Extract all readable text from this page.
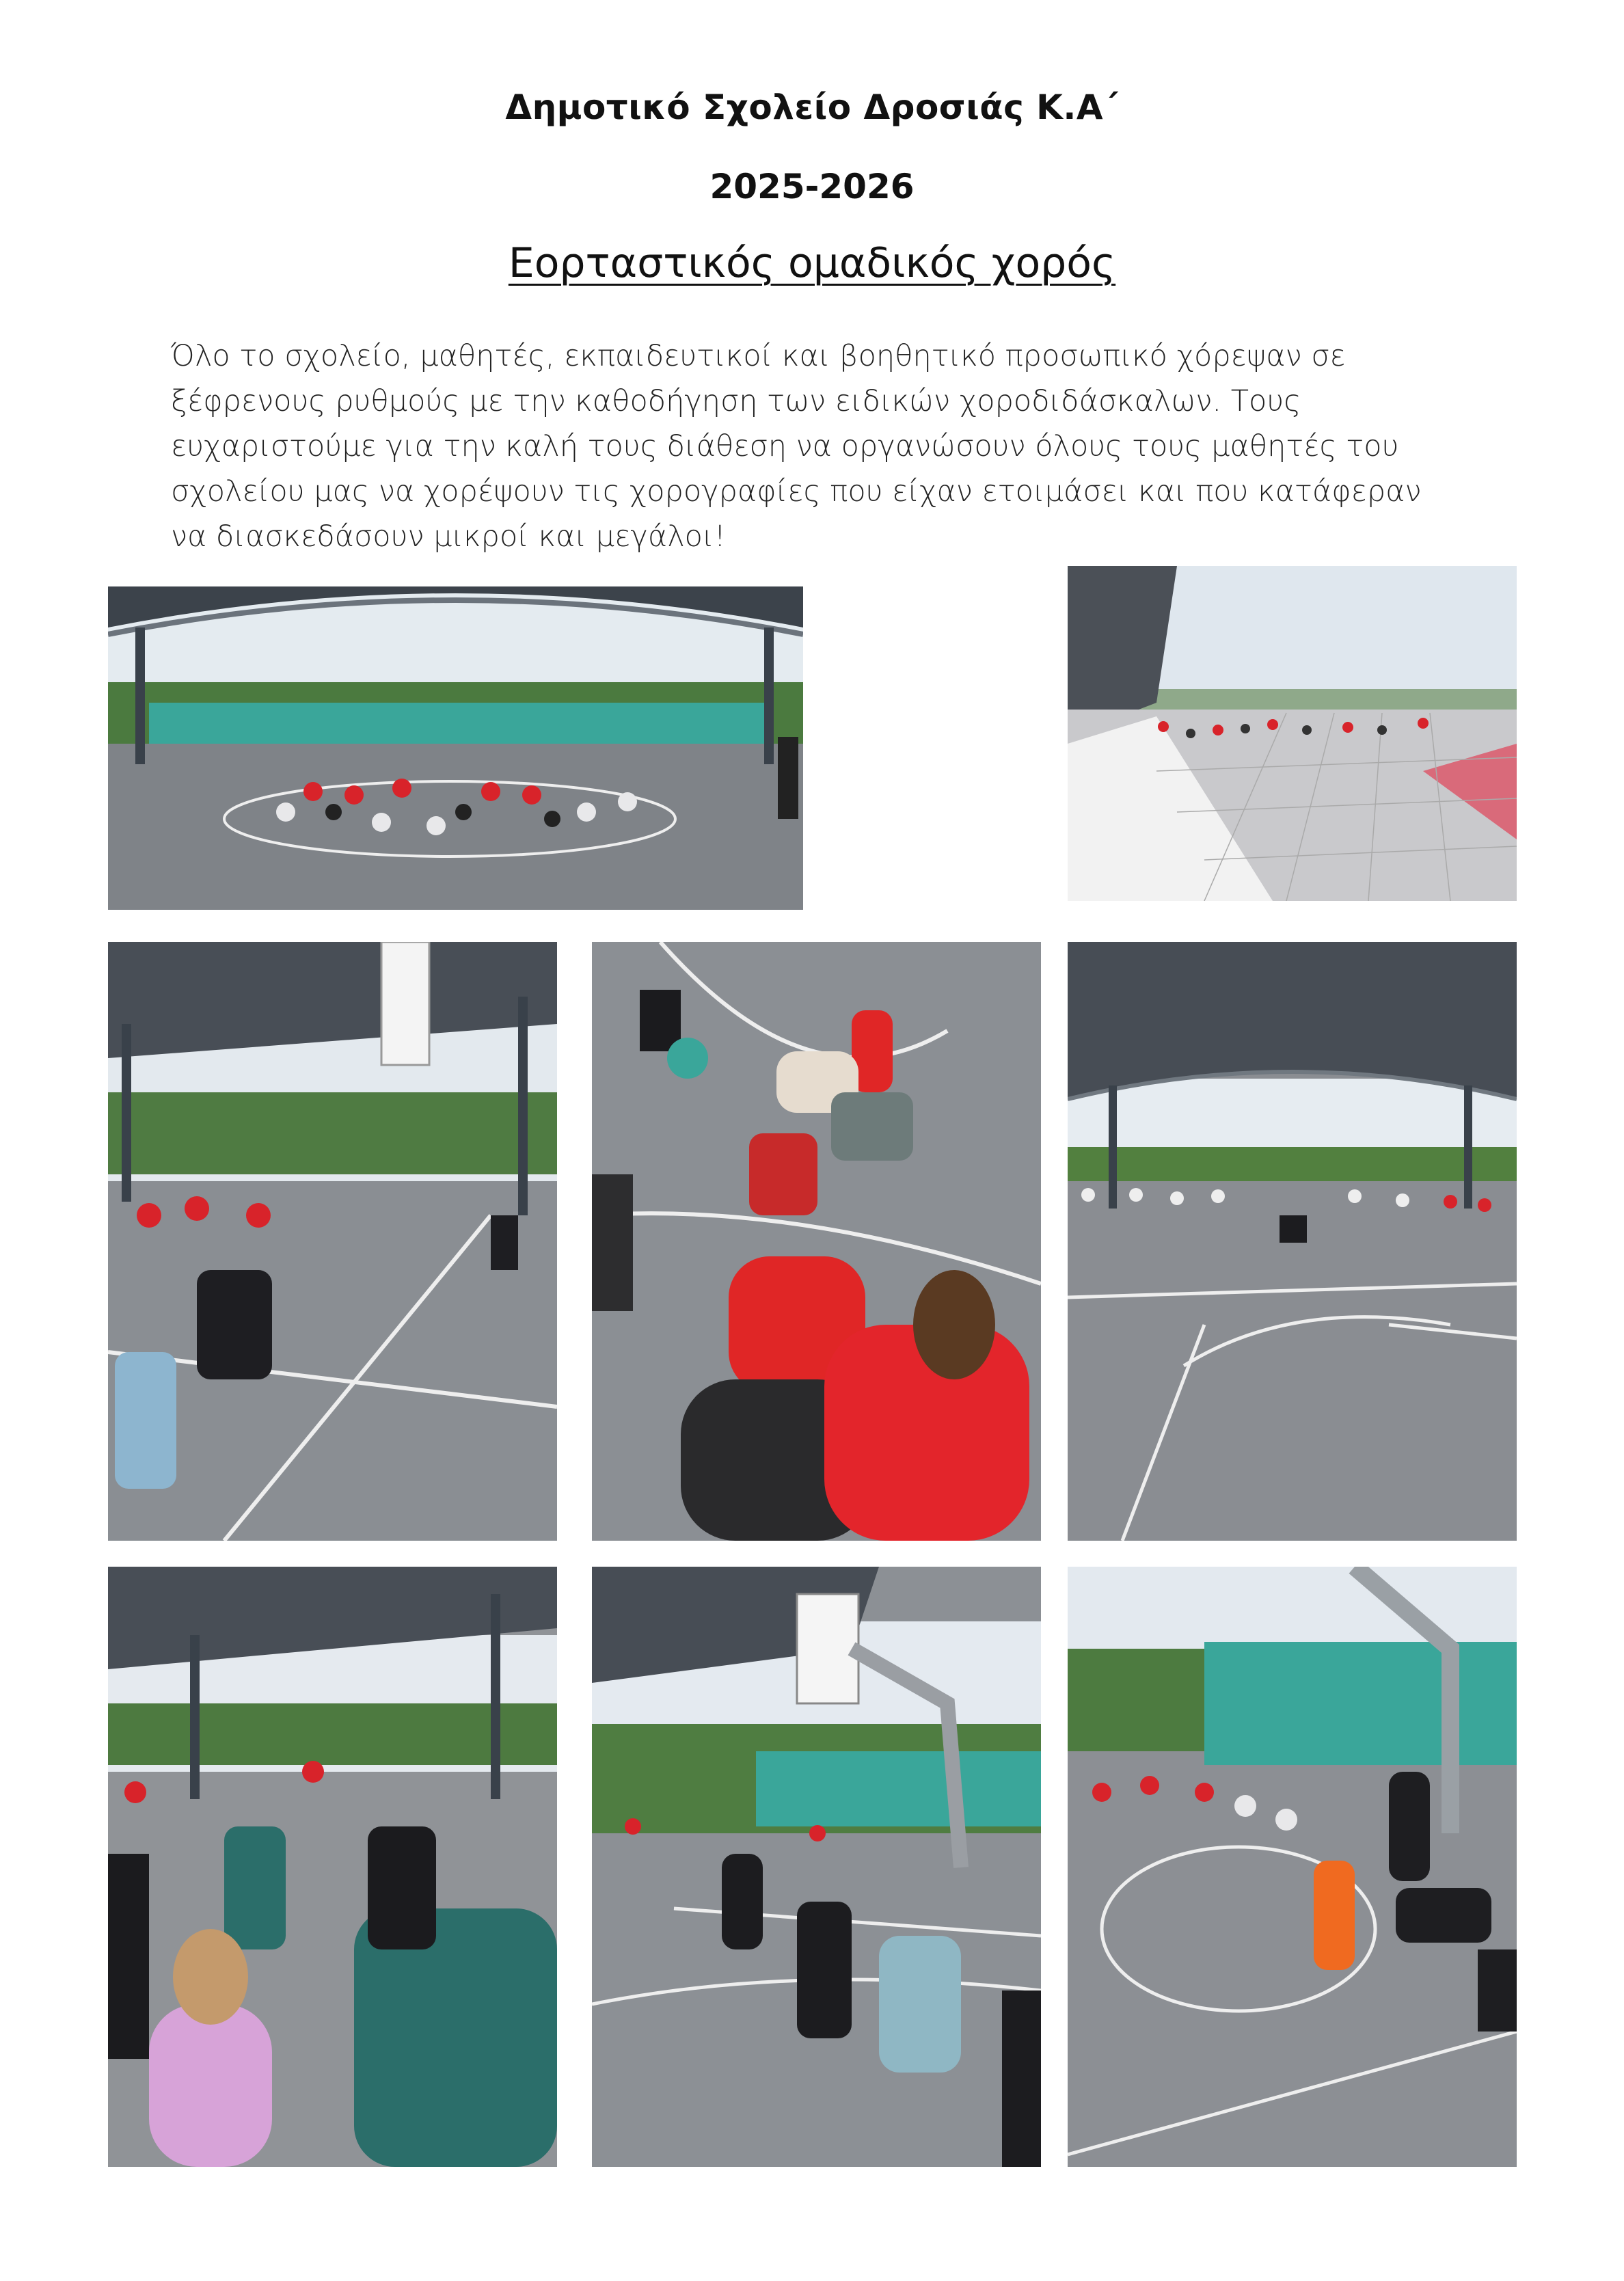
Δημοτικό Σχολείο Δροσιάς Κ.Α΄
2025-2026
Εορταστικός ομαδικός χορός
Όλο το σχολείο, μαθητές, εκπαιδευτικοί και βοηθητικό προσωπικό χόρεψαν σε
ξέφρενους ρυθμούς με την καθοδήγηση των ειδικών χοροδιδάσκαλων. Τους
ευχαριστούμε για την καλή τους διάθεση να οργανώσουν όλους τους μαθητές του
σχολείου μας να χορέψουν τις χορογραφίες που είχαν ετοιμάσει και που κατάφεραν
να διασκεδάσουν μικροί και μεγάλοι!
